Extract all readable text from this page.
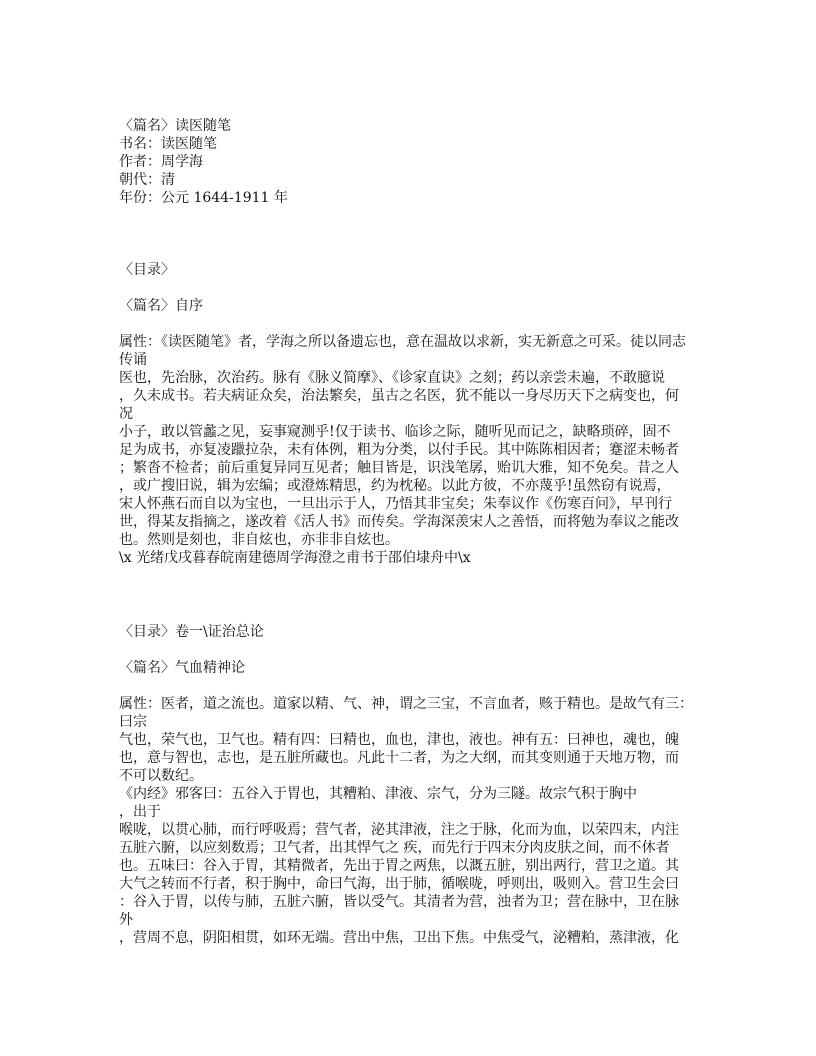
〈篇名〉读医随笔
书名：读医随笔
作者：周学海
朝代：清
年份：公元 1644-1911 年
〈目录〉
〈篇名〉自序
属性：《读医随笔》者，学海之所以备遗忘也，意在温故以求新，实无新意之可采。徒以同志
传诵
医也，先治脉，次治药。脉有《脉义简摩》、《诊家直诀》之刻；药以亲尝未遍，不敢臆说
，久未成书。若夫病证众矣，治法繁矣，虽古之名医，犹不能以一身尽历天下之病变也，何
况
小子，敢以管蠡之见，妄事窥测乎!仅于读书、临诊之际，随听见而记之，缺略琐碎，固不
足为成书，亦复凌躐拉杂，未有体例，粗为分类，以付手民。其中陈陈相因者；蹇涩未畅者
；繁沓不检者；前后重复异同互见者；触目皆是，识浅笔孱，贻讥大雅，知不免矣。昔之人
，或广搜旧说，辑为宏编；或澄炼精思，约为枕秘。以此方彼，不亦蔑乎!虽然窃有说焉，
宋人怀燕石而自以为宝也，一旦出示于人，乃悟其非宝矣；朱奉议作《伤寒百问》，早刊行
世，得某友指摘之，遂改着《活人书》而传矣。学海深羡宋人之善悟，而将勉为奉议之能改
也。然则是刻也，非自炫也，亦非非自炫也。
\x 光绪戊戌暮春皖南建德周学海澄之甫书于邵伯埭舟中\x
〈目录〉卷一\证治总论
〈篇名〉气血精神论
属性：医者，道之流也。道家以精、气、神，谓之三宝，不言血者，赅于精也。是故气有三：
曰宗
气也，荣气也，卫气也。精有四：曰精也，血也，津也，液也。神有五：曰神也，魂也，魄
也，意与智也，志也，是五脏所藏也。凡此十二者，为之大纲，而其变则通于天地万物，而
不可以数纪。
《内经》邪客曰：五谷入于胃也，其糟粕、津液、宗气，分为三隧。故宗气积于胸中
，出于
喉咙，以贯心肺，而行呼吸焉；营气者，泌其津液，注之于脉，化而为血，以荣四末，内注
五脏六腑，以应刻数焉；卫气者，出其悍气之 疾，而先行于四末分肉皮肤之间，而不休者
也。五味曰：谷入于胃，其精微者，先出于胃之两焦，以溉五脏，别出两行，营卫之道。其
大气之转而不行者，积于胸中，命曰气海，出于肺，循喉咙，呼则出，吸则入。营卫生会曰
：谷入于胃，以传与肺，五脏六腑，皆以受气。其清者为营，浊者为卫；营在脉中，卫在脉
外
，营周不息，阴阳相贯，如环无端。营出中焦，卫出下焦。中焦受气，泌糟粕，蒸津液，化
